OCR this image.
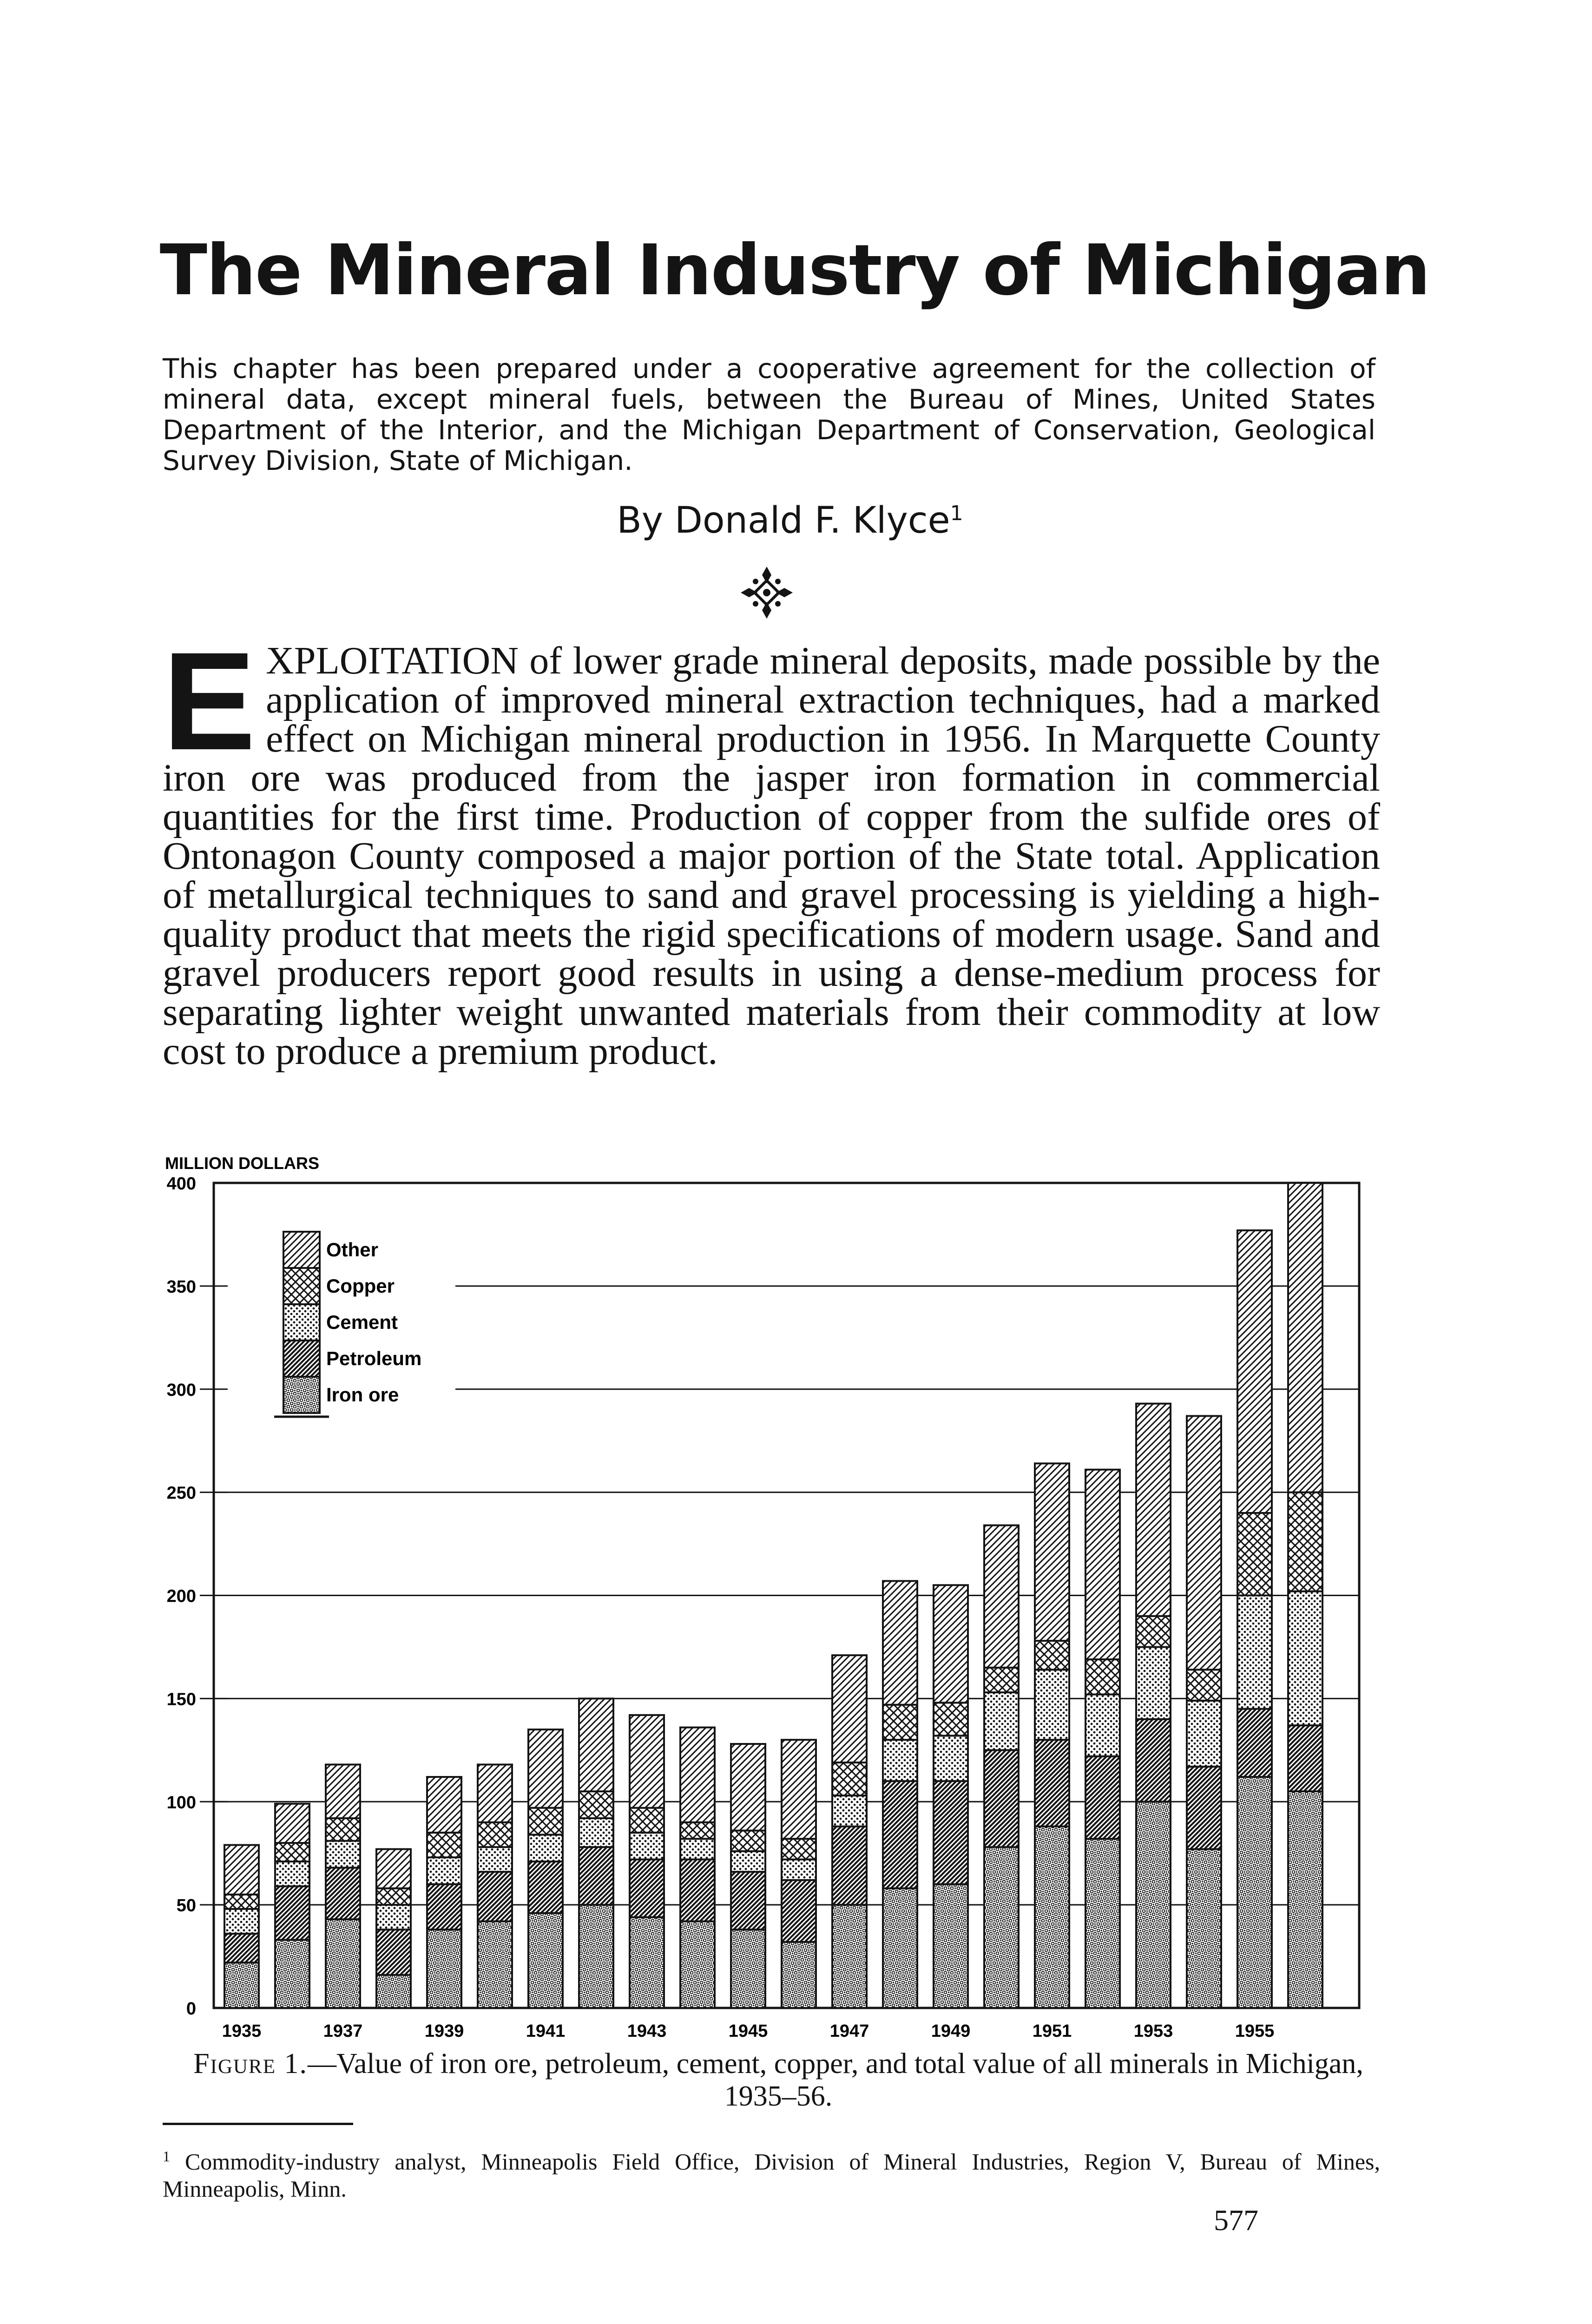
The Mineral Industry of Michigan

This chapter has been prepared under a cooperative agreement for the collection of mineral data, except mineral fuels, between the Bureau of Mines, United States Department of the Interior, and the Michigan Department of Conservation, Geological Survey Division, State of Michigan.

By Donald F. Klyce$^1$

EXPLOITATION of lower grade mineral deposits, made possible by the application of improved mineral extraction techniques, had a marked effect on Michigan mineral production in 1956. In Marquette County iron ore was produced from the jasper iron formation in commercial quantities for the first time. Production of copper from the sulfide ores of Ontonagon County composed a major portion of the State total. Application of metallurgical techniques to sand and gravel processing is yielding a high-quality product that meets the rigid specifications of modern usage. Sand and gravel producers report good results in using a dense-medium process for separating lighter weight unwanted materials from their commodity at low cost to produce a premium product.

MILLION DOLLARS
0
50
100
150
200
250
300
350
400
Other
Copper
Cement
Petroleum
Iron ore
1935	1937	1939	1941	1943	1945	1947	1949	1951	1953	1955

Figure 1.—Value of iron ore, petroleum, cement, copper, and total value of all minerals in Michigan, 1935–56.

$^1$ Commodity-industry analyst, Minneapolis Field Office, Division of Mineral Industries, Region V, Bureau of Mines, Minneapolis, Minn.

577
